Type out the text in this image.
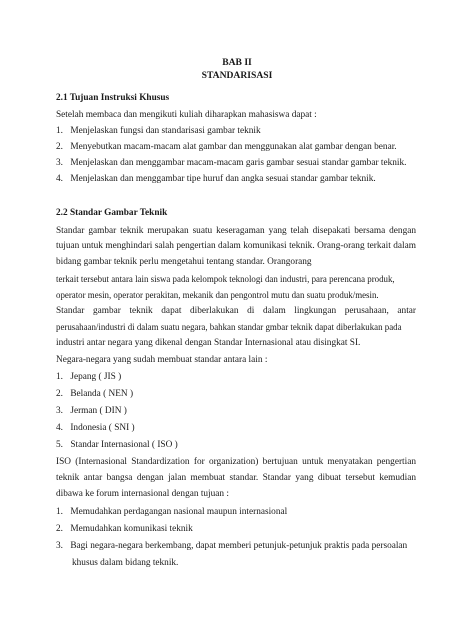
BAB II
STANDARISASI
2.1 Tujuan Instruksi Khusus
Setelah membaca dan mengikuti kuliah diharapkan mahasiswa dapat :
1. Menjelaskan fungsi dan standarisasi gambar teknik
2. Menyebutkan macam-macam alat gambar dan menggunakan alat gambar dengan benar.
3. Menjelaskan dan menggambar macam-macam garis gambar sesuai standar gambar teknik.
4. Menjelaskan dan menggambar tipe huruf dan angka sesuai standar gambar teknik.
2.2 Standar Gambar Teknik
Standar gambar teknik merupakan suatu keseragaman yang telah disepakati bersama dengan
tujuan untuk menghindari salah pengertian dalam komunikasi teknik. Orang-orang terkait dalam
bidang gambar teknik perlu mengetahui tentang standar. Orangorang
terkait tersebut antara lain siswa pada kelompok teknologi dan industri, para perencana produk,
operator mesin, operator perakitan, mekanik dan pengontrol mutu dan suatu produk/mesin.
Standar gambar teknik dapat diberlakukan di dalam lingkungan perusahaan, antar
perusahaan/industri di dalam suatu negara, bahkan standar gmbar teknik dapat diberlakukan pada
industri antar negara yang dikenal dengan Standar Internasional atau disingkat SI.
Negara-negara yang sudah membuat standar antara lain :
1. Jepang ( JIS )
2. Belanda ( NEN )
3. Jerman ( DIN )
4. Indonesia ( SNI )
5. Standar Internasional ( ISO )
ISO (Internasional Standardization for organization) bertujuan untuk menyatakan pengertian
teknik antar bangsa dengan jalan membuat standar. Standar yang dibuat tersebut kemudian
dibawa ke forum internasional dengan tujuan :
1. Memudahkan perdagangan nasional maupun internasional
2. Memudahkan komunikasi teknik
3. Bagi negara-negara berkembang, dapat memberi petunjuk-petunjuk praktis pada persoalan
khusus dalam bidang teknik.
